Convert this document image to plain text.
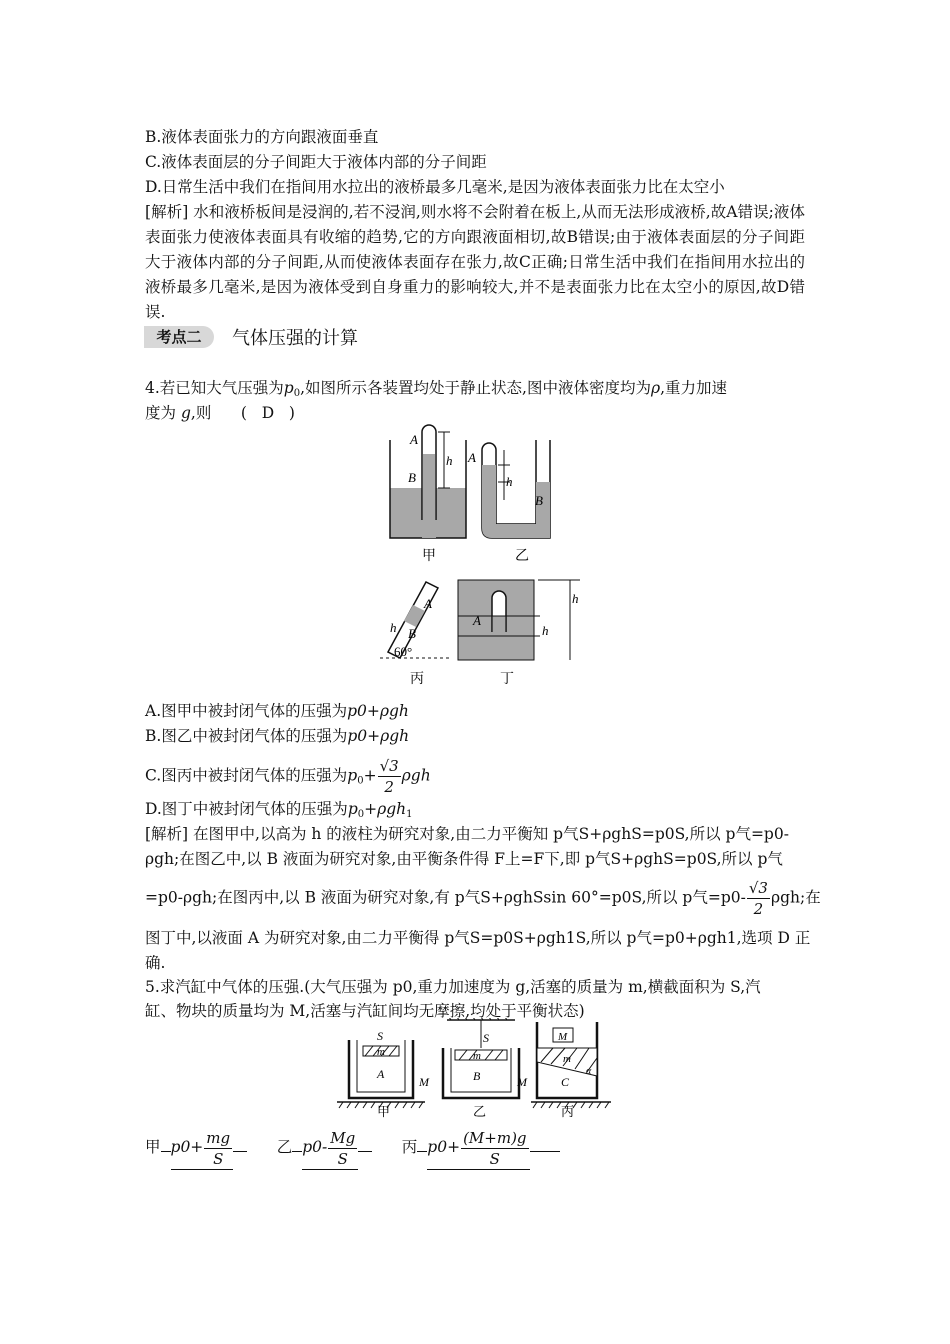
B.液体表面张力的方向跟液面垂直
C.液体表面层的分子间距大于液体内部的分子间距
D.日常生活中我们在指间用水拉出的液桥最多几毫米,是因为液体表面张力比在太空小
[解析] 水和液桥板间是浸润的,若不浸润,则水将不会附着在板上,从而无法形成液桥,故A错误;液体表面张力使液体表面具有收缩的趋势,它的方向跟液面相切,故B错误;由于液体表面层的分子间距大于液体内部的分子间距,从而使液体表面存在张力,故C正确;日常生活中我们在指间用水拉出的液桥最多几毫米,是因为液体受到自身重力的影响较大,并不是表面张力比在太空小的原因,故D错误.
考点二	气体压强的计算
4.若已知大气压强为$p_0$,如图所示各装置均处于静止状态,图中液体密度均为ρ,重力加速
度为 g,则      (   D   )
A
B
h
甲
A
h
B
乙
h
A
B
60°
丙
A
h
h
丁
A.图甲中被封闭气体的压强为p0+ρgh
B.图乙中被封闭气体的压强为p0+ρgh
C.图丙中被封闭气体的压强为$p_0+ \frac{√3}{2}$ ρgh
D.图丁中被封闭气体的压强为$p_0+\rho gh_1$
[解析] 在图甲中,以高为 h 的液柱为研究对象,由二力平衡知 p气S+ρghS=p0S,所以 p气=p0-
ρgh;在图乙中,以 B 液面为研究对象,由平衡条件得 F上=F下,即 p气S+ρghS=p0S,所以 p气
=p0-ρgh;在图丙中,以 B 液面为研究对象,有 p气S+ρghSsin 60°=p0S,所以 p气$=p0- \frac{√3}{2} \rho gh$;在
图丁中,以液面 A 为研究对象,由二力平衡得 p气S=p0S+ρgh1S,所以 p气=p0+ρgh1,选项 D 正
确.
5.求汽缸中气体的压强.(大气压强为 p0,重力加速度为 g,活塞的质量为 m,横截面积为 S,汽
缸、物块的质量均为 M,活塞与汽缸间均无摩擦,均处于平衡状态)
S
m
A
M
甲
S
m
B	M
乙
M
m
C
α
丙
甲 $p0+ \frac{mg}{S}$	乙 $p0- \frac{Mg}{S}$	丙 $p0+ \frac{(M+m)g}{S}$
